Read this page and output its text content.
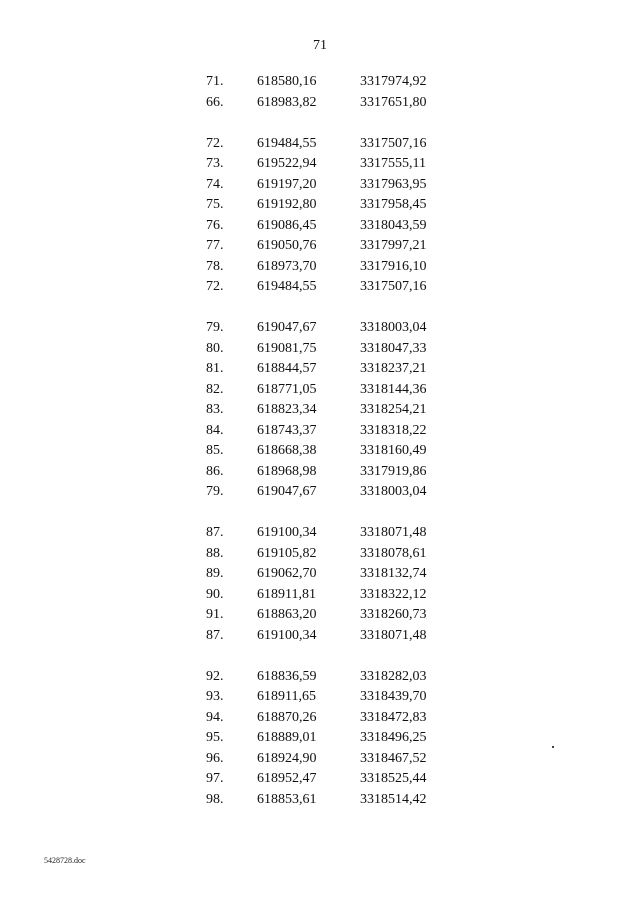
71
71. 618580,16	3317974,92
66. 618983,82	3317651,80
72. 619484,55	3317507,16
73. 619522,94	3317555,11
74. 619197,20	3317963,95
75. 619192,80	3317958,45
76. 619086,45	3318043,59
77. 619050,76	3317997,21
78. 618973,70	3317916,10
72. 619484,55	3317507,16
79. 619047,67	3318003,04
80. 619081,75	3318047,33
81. 618844,57	3318237,21
82. 618771,05	3318144,36
83. 618823,34	3318254,21
84. 618743,37	3318318,22
85. 618668,38	3318160,49
86. 618968,98	3317919,86
79. 619047,67	3318003,04
87. 619100,34	3318071,48
88. 619105,82	3318078,61
89. 619062,70	3318132,74
90. 618911,81	3318322,12
91. 618863,20	3318260,73
87. 619100,34	3318071,48
92. 618836,59	3318282,03
93. 618911,65	3318439,70
94. 618870,26	3318472,83
95. 618889,01	3318496,25
96. 618924,90	3318467,52
97. 618952,47	3318525,44
98. 618853,61	3318514,42
5428728.doc
